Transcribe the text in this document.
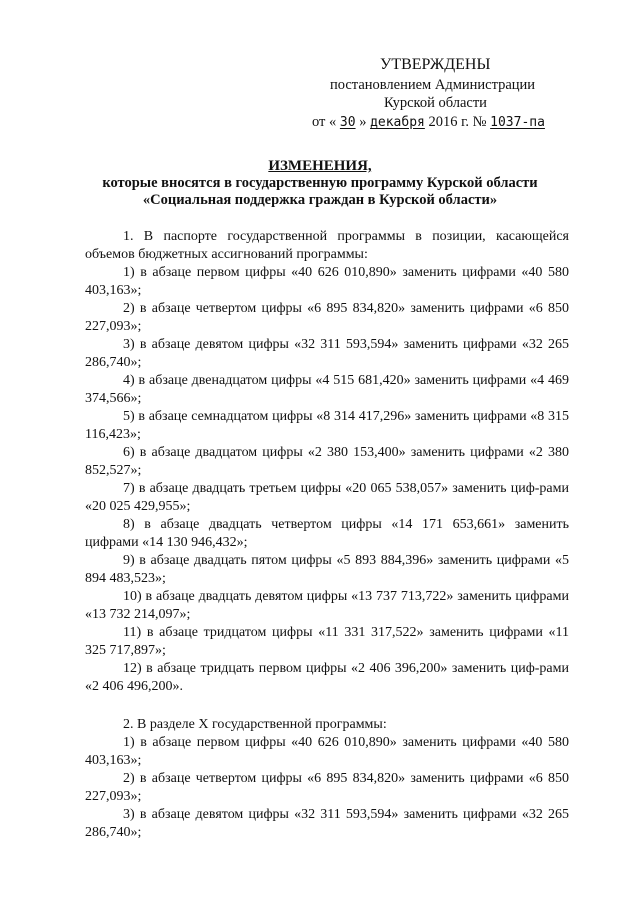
УТВЕРЖДЕНЫ
постановлением Администрации
Курской области
от « 30 » декабря 2016 г. № 1037-па
ИЗМЕНЕНИЯ,
которые вносятся в государственную программу Курской области
«Социальная поддержка граждан в Курской области»

1. В паспорте государственной программы в позиции, касающейся объемов бюджетных ассигнований программы:

1) в абзаце первом цифры «40 626 010,890» заменить цифрами «40 580 403,163»;

2) в абзаце четвертом цифры «6 895 834,820» заменить цифрами «6 850 227,093»;

3) в абзаце девятом цифры «32 311 593,594» заменить цифрами «32 265 286,740»;

4) в абзаце двенадцатом цифры «4 515 681,420» заменить цифрами «4 469 374,566»;

5) в абзаце семнадцатом цифры «8 314 417,296» заменить цифрами «8 315 116,423»;

6) в абзаце двадцатом цифры «2 380 153,400» заменить цифрами «2 380 852,527»;

7) в абзаце двадцать третьем цифры «20 065 538,057» заменить циф-рами «20 025 429,955»;

8) в абзаце двадцать четвертом цифры «14 171 653,661» заменить цифрами «14 130 946,432»;

9) в абзаце двадцать пятом цифры «5 893 884,396» заменить цифрами «5 894 483,523»;

10) в абзаце двадцать девятом цифры «13 737 713,722» заменить цифрами «13 732 214,097»;

11) в абзаце тридцатом цифры «11 331 317,522» заменить цифрами «11 325 717,897»;

12) в абзаце тридцать первом цифры «2 406 396,200» заменить циф-рами «2 406 496,200».

2. В разделе X государственной программы:

1) в абзаце первом цифры «40 626 010,890» заменить цифрами «40 580 403,163»;

2) в абзаце четвертом цифры «6 895 834,820» заменить цифрами «6 850 227,093»;

3) в абзаце девятом цифры «32 311 593,594» заменить цифрами «32 265 286,740»;
